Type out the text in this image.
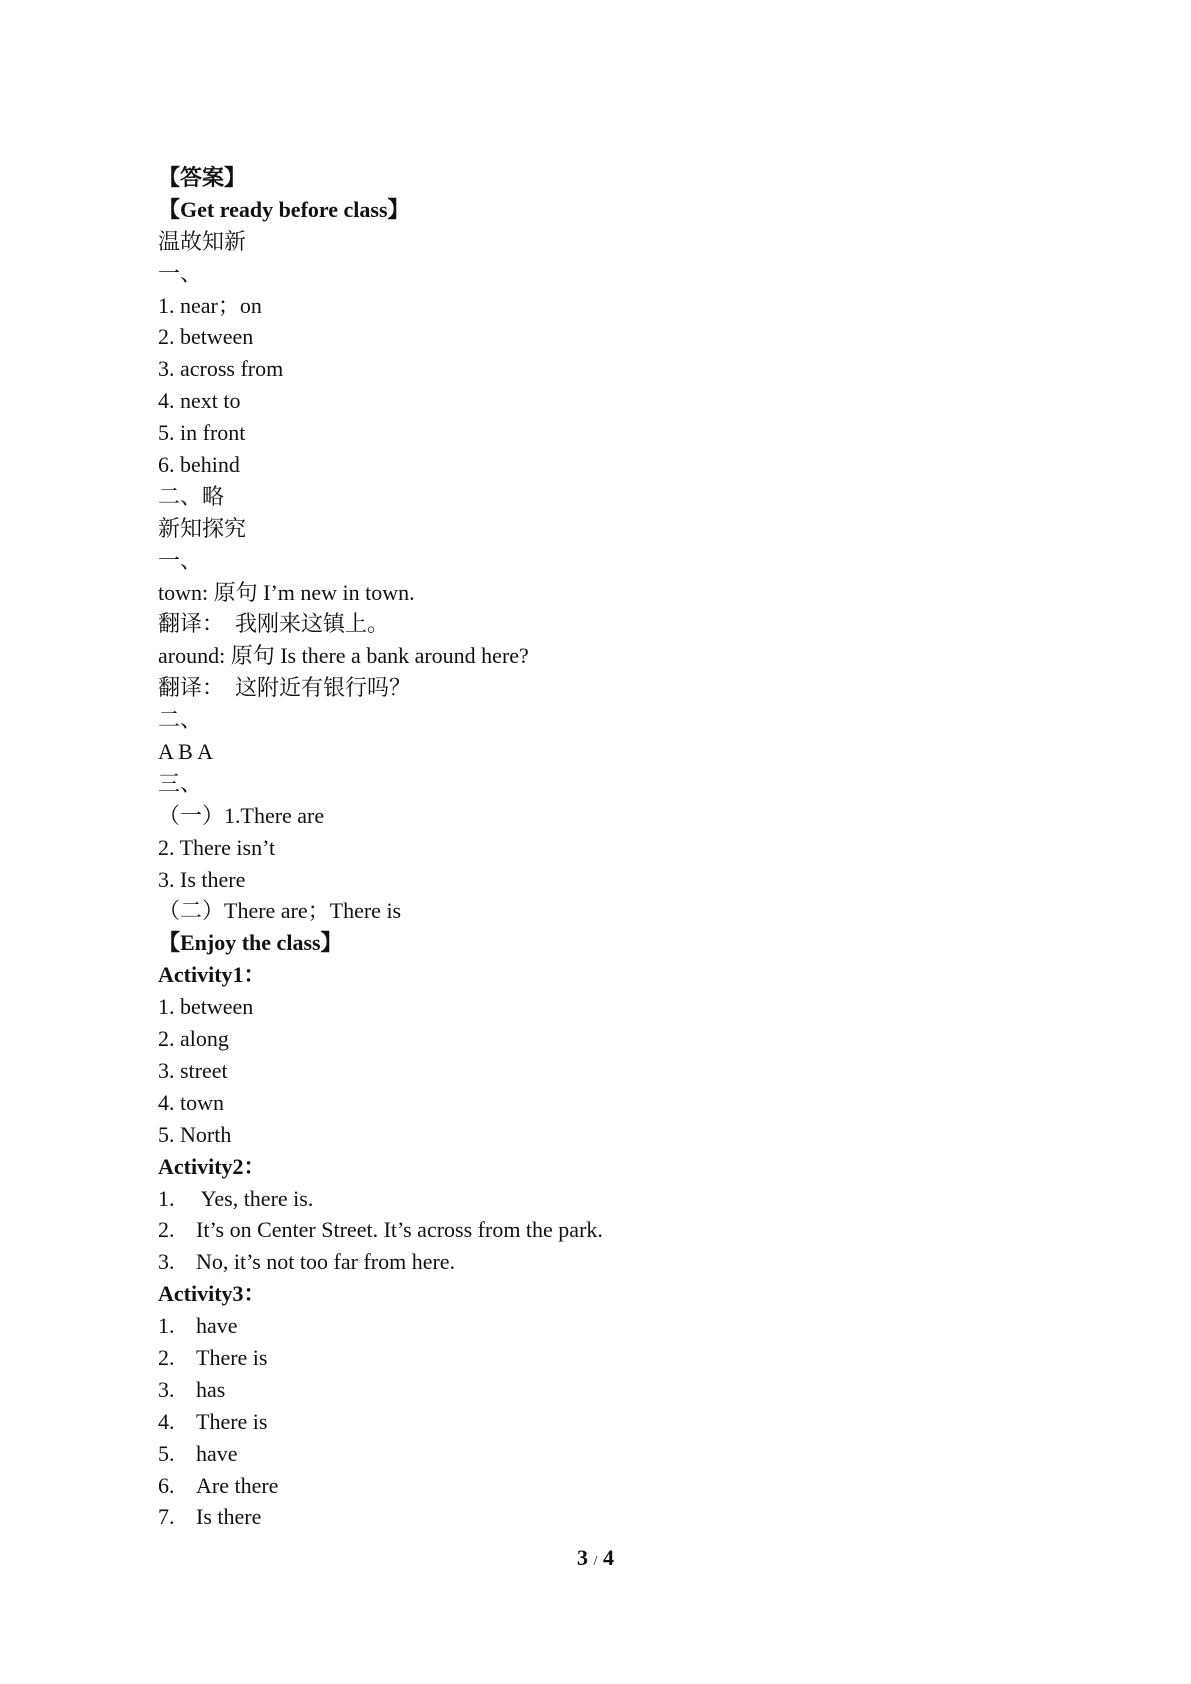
【答案】
【Get ready before class】
温故知新
一、
1. near；on
2. between
3. across from
4. next to
5. in front
6. behind
二、略
新知探究
一、
town: 原句 I’m new in town.
翻译：  我刚来这镇上。
around: 原句 Is there a bank around here?
翻译：  这附近有银行吗？
二、
A B A
三、
（一）1.There are
2. There isn’t
3. Is there
（二）There are；There is
【Enjoy the class】
Activity1：
1. between
2. along
3. street
4. town
5. North
Activity2：
1. Yes, there is.
2. It’s on Center Street. It’s across from the park.
3. No, it’s not too far from here.
Activity3：
1. have
2. There is
3. has
4. There is
5. have
6. Are there
7. Is there
3 / 4
